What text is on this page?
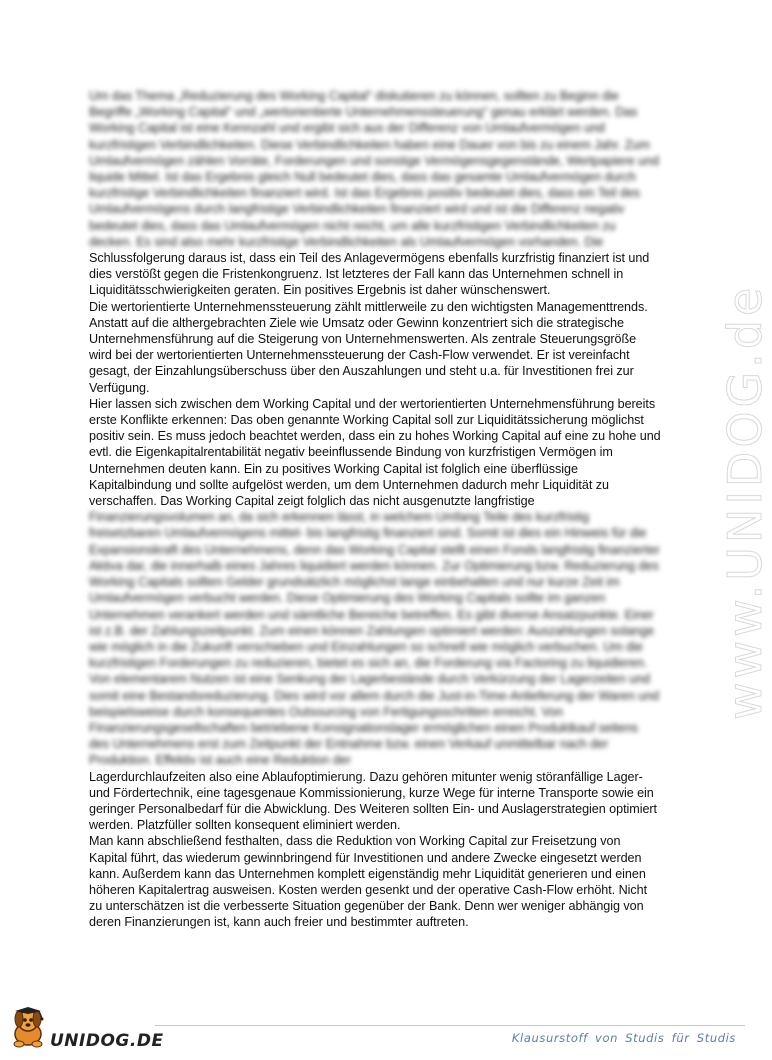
www.UNIDOG.de

Um das Thema „Reduzierung des Working Capital“ diskutieren zu können, sollten zu Beginn die Begriffe „Working Capital“ und „wertorientierte Unternehmenssteuerung“ genau erklärt werden. Das Working Capital ist eine Kennzahl und ergibt sich aus der Differenz von Umlaufvermögen und kurzfristigen Verbindlichkeiten. Diese Verbindlichkeiten haben eine Dauer von bis zu einem Jahr. Zum Umlaufvermögen zählen Vorräte, Forderungen und sonstige Vermögensgegenstände, Wertpapiere und liquide Mittel. Ist das Ergebnis gleich Null bedeutet dies, dass das gesamte Umlaufvermögen durch kurzfristige Verbindlichkeiten finanziert wird. Ist das Ergebnis positiv bedeutet dies, dass ein Teil des Umlaufvermögens durch langfristige Verbindlichkeiten finanziert wird und ist die Differenz negativ bedeutet dies, dass das Umlaufvermögen nicht reicht, um alle kurzfristigen Verbindlichkeiten zu decken. Es sind also mehr kurzfristige Verbindlichkeiten als Umlaufvermögen vorhanden. Die

Schlussfolgerung daraus ist, dass ein Teil des Anlagevermögens ebenfalls kurzfristig finanziert ist und dies verstößt gegen die Fristenkongruenz. Ist letzteres der Fall kann das Unternehmen schnell in Liquiditätsschwierigkeiten geraten. Ein positives Ergebnis ist daher wünschenswert.

Die wertorientierte Unternehmenssteuerung zählt mittlerweile zu den wichtigsten Managementtrends. Anstatt auf die althergebrachten Ziele wie Umsatz oder Gewinn konzentriert sich die strategische Unternehmensführung auf die Steigerung von Unternehmenswerten. Als zentrale Steuerungsgröße wird bei der wertorientierten Unternehmenssteuerung der Cash-Flow verwendet. Er ist vereinfacht gesagt, der Einzahlungsüberschuss über den Auszahlungen und steht u.a. für Investitionen frei zur Verfügung.

Hier lassen sich zwischen dem Working Capital und der wertorientierten Unternehmensführung bereits erste Konflikte erkennen: Das oben genannte Working Capital soll zur Liquiditätssicherung möglichst positiv sein. Es muss jedoch beachtet werden, dass ein zu hohes Working Capital auf eine zu hohe und evtl. die Eigenkapitalrentabilität negativ beeinflussende Bindung von kurzfristigen Vermögen im Unternehmen deuten kann. Ein zu positives Working Capital ist folglich eine überflüssige Kapitalbindung und sollte aufgelöst werden, um dem Unternehmen dadurch mehr Liquidität zu verschaffen. Das Working Capital zeigt folglich das nicht ausgenutzte langfristige

Finanzierungsvolumen an, da sich erkennen lässt, in welchem Umfang Teile des kurzfristig freisetzbaren Umlaufvermögens mittel- bis langfristig finanziert sind. Somit ist dies ein Hinweis für die Expansionskraft des Unternehmens, denn das Working Capital stellt einen Fonds langfristig finanzierter Aktiva dar, die innerhalb eines Jahres liquidiert werden können. Zur Optimierung bzw. Reduzierung des Working Capitals sollten Gelder grundsätzlich möglichst lange einbehalten und nur kurze Zeit im Umlaufvermögen verbucht werden. Diese Optimierung des Working Capitals sollte im ganzen Unternehmen verankert werden und sämtliche Bereiche betreffen. Es gibt diverse Ansatzpunkte. Einer ist z.B. der Zahlungszeitpunkt. Zum einen können Zahlungen optimiert werden: Auszahlungen solange wie möglich in die Zukunft verschieben und Einzahlungen so schnell wie möglich verbuchen. Um die kurzfristigen Forderungen zu reduzieren, bietet es sich an, die Forderung via Factoring zu liquidieren. Von elementarem Nutzen ist eine Senkung der Lagerbestände durch Verkürzung der Lagerzeiten und somit eine Bestandsreduzierung. Dies wird vor allem durch die Just-in-Time-Anlieferung der Waren und beispielsweise durch konsequentes Outsourcing von Fertigungsschritten erreicht. Von Finanzierungsgesellschaften betriebene Konsignationslager ermöglichen einen Produktkauf seitens des Unternehmens erst zum Zeitpunkt der Entnahme bzw. einen Verkauf unmittelbar nach der Produktion. Effektiv ist auch eine Reduktion der

Lagerdurchlaufzeiten also eine Ablaufoptimierung. Dazu gehören mitunter wenig störanfällige Lager- und Fördertechnik, eine tagesgenaue Kommissionierung, kurze Wege für interne Transporte sowie ein geringer Personalbedarf für die Abwicklung. Des Weiteren sollten Ein- und Auslagerstrategien optimiert werden. Platzfüller sollten konsequent eliminiert werden.

Man kann abschließend festhalten, dass die Reduktion von Working Capital zur Freisetzung von Kapital führt, das wiederum gewinnbringend für Investitionen und andere Zwecke eingesetzt werden kann. Außerdem kann das Unternehmen komplett eigenständig mehr Liquidität generieren und einen höheren Kapitalertrag ausweisen. Kosten werden gesenkt und der operative Cash-Flow erhöht. Nicht zu unterschätzen ist die verbesserte Situation gegenüber der Bank. Denn wer weniger abhängig von deren Finanzierungen ist, kann auch freier und bestimmter auftreten.

UNIDOG.DE	Klausurstoff von Studis für Studis
